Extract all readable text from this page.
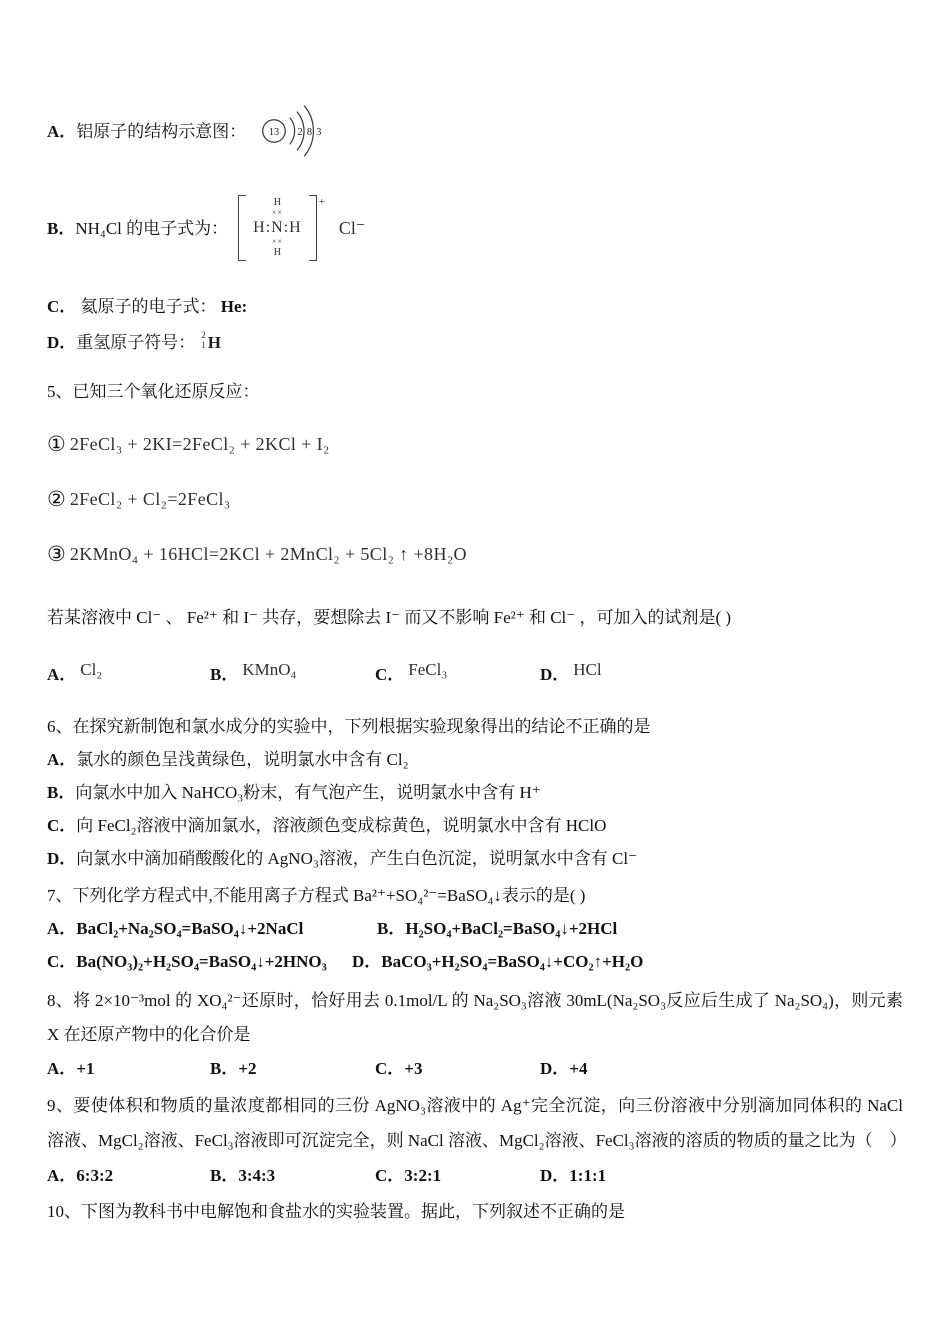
A． 铝原子的结构示意图： 13 2 8 3
B． NH₄Cl 的电子式为：
H
××
H:N:H
××
H
+
Cl⁻
C． 氦原子的电子式： He:
D． 重氢原子符号： 2
1 H
5、已知三个氧化还原反应：
① 2FeCl₃ + 2KI=2FeCl₂ + 2KCl + I₂
② 2FeCl₂ + Cl₂=2FeCl₃
③ 2KMnO₄ + 16HCl=2KCl + 2MnCl₂ + 5Cl₂ ↑ +8H₂O
若某溶液中 Cl⁻ 、 Fe²⁺ 和 I⁻ 共存，要想除去 I⁻ 而又不影响 Fe²⁺ 和 Cl⁻ ，可加入的试剂是( )
A． Cl₂	B． KMnO₄	C． FeCl₃	D． HCl
6、在探究新制饱和氯水成分的实验中，下列根据实验现象得出的结论不正确的是
A．氯水的颜色呈浅黄绿色，说明氯水中含有 Cl₂
B．向氯水中加入 NaHCO₃粉末，有气泡产生，说明氯水中含有 H⁺
C．向 FeCl₂溶液中滴加氯水，溶液颜色变成棕黄色，说明氯水中含有 HClO
D．向氯水中滴加硝酸酸化的 AgNO₃溶液，产生白色沉淀，说明氯水中含有 Cl⁻
7、下列化学方程式中,不能用离子方程式 Ba²⁺+SO₄²⁻=BaSO₄↓表示的是( )
A．BaCl₂+Na₂SO₄=BaSO₄↓+2NaCl	B．H₂SO₄+BaCl₂=BaSO₄↓+2HCl
C．Ba(NO₃)₂+H₂SO₄=BaSO₄↓+2HNO₃	D．BaCO₃+H₂SO₄=BaSO₄↓+CO₂↑+H₂O
8、将 2×10⁻³mol 的 XO₄²⁻还原时，恰好用去 0.1mol/L 的 Na₂SO₃溶液 30mL(Na₂SO₃反应后生成了 Na₂SO₄)，则元素 X 在还原产物中的化合价是
A．+1	B．+2	C．+3	D．+4
9、要使体积和物质的量浓度都相同的三份 AgNO₃溶液中的 Ag⁺完全沉淀，向三份溶液中分别滴加同体积的 NaCl 溶液、MgCl₂溶液、FeCl₃溶液即可沉淀完全，则 NaCl 溶液、MgCl₂溶液、FeCl₃溶液的溶质的物质的量之比为（　）
A．6:3:2	B．3:4:3	C．3:2:1	D．1:1:1
10、下图为教科书中电解饱和食盐水的实验装置。据此，下列叙述不正确的是
